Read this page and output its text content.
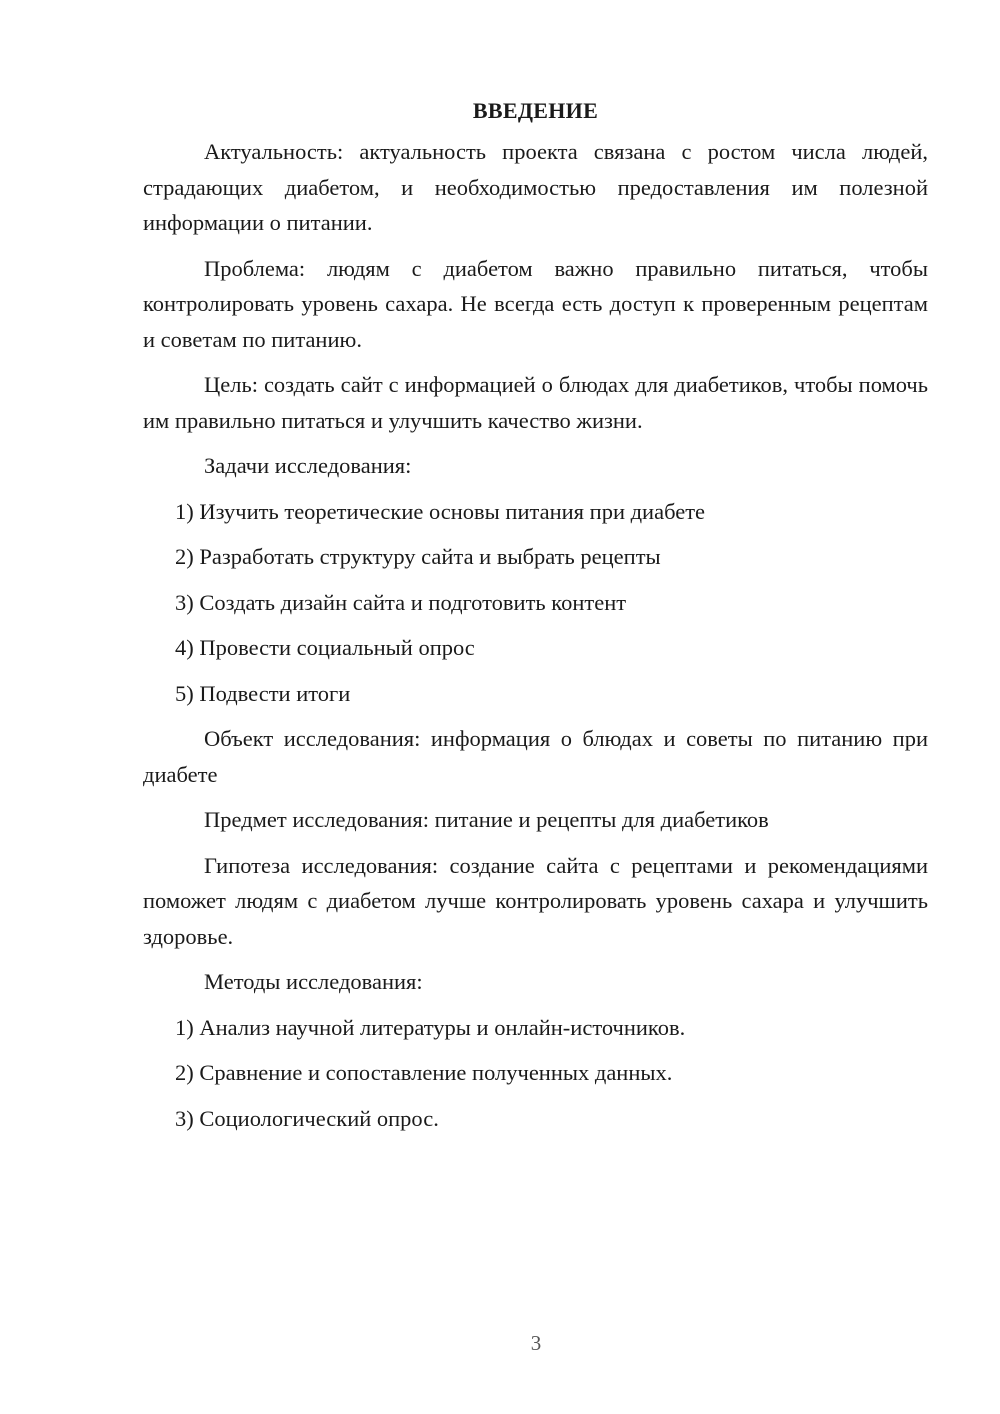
ВВЕДЕНИЕ

Актуальность: актуальность проекта связана с ростом числа людей, страдающих диабетом, и необходимостью предоставления им полезной информации о питании.

Проблема: людям с диабетом важно правильно питаться, чтобы контролировать уровень сахара. Не всегда есть доступ к проверенным рецептам и советам по питанию.

Цель: создать сайт с информацией о блюдах для диабетиков, чтобы помочь им правильно питаться и улучшить качество жизни.

Задачи исследования:

1) Изучить теоретические основы питания при диабете
2) Разработать структуру сайта и выбрать рецепты
3) Создать дизайн сайта и подготовить контент
4) Провести социальный опрос
5) Подвести итоги

Объект исследования: информация о блюдах и советы по питанию при диабете

Предмет исследования: питание и рецепты для диабетиков

Гипотеза исследования: создание сайта с рецептами и рекомендациями поможет людям с диабетом лучше контролировать уровень сахара и улучшить здоровье.

Методы исследования:

1) Анализ научной литературы и онлайн-источников.
2) Сравнение и сопоставление полученных данных.
3) Социологический опрос.
3
